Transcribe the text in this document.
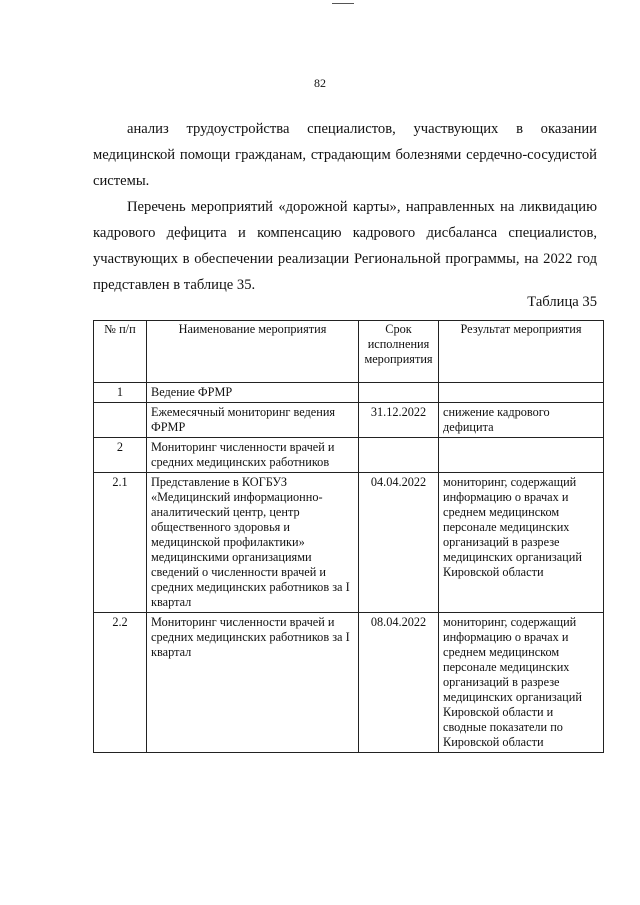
82
анализ трудоустройства специалистов, участвующих в оказании
медицинской помощи гражданам, страдающим болезнями сердечно-сосудистой
системы.
Перечень мероприятий «дорожной карты», направленных на ликвидацию
кадрового дефицита и компенсацию кадрового дисбаланса специалистов,
участвующих в обеспечении реализации Региональной программы, на 2022 год
представлен в таблице 35.
Таблица 35
№ п/п	Наименование мероприятия	Срок исполнения мероприятия	Результат мероприятия
1	Ведение ФРМР		
	Ежемесячный мониторинг ведения ФРМР	31.12.2022	снижение кадрового дефицита
2	Мониторинг численности врачей и средних медицинских работников		
2.1	Представление в КОГБУЗ «Медицинский информационно-аналитический центр, центр общественного здоровья и медицинской профилактики» медицинскими организациями сведений о численности врачей и средних медицинских работников за I квартал	04.04.2022	мониторинг, содержащий информацию о врачах и среднем медицинском персонале медицинских организаций в разрезе медицинских организаций Кировской области
2.2	Мониторинг численности врачей и средних медицинских работников за I квартал	08.04.2022	мониторинг, содержащий информацию о врачах и среднем медицинском персонале медицинских организаций в разрезе медицинских организаций Кировской области и сводные показатели по Кировской области
